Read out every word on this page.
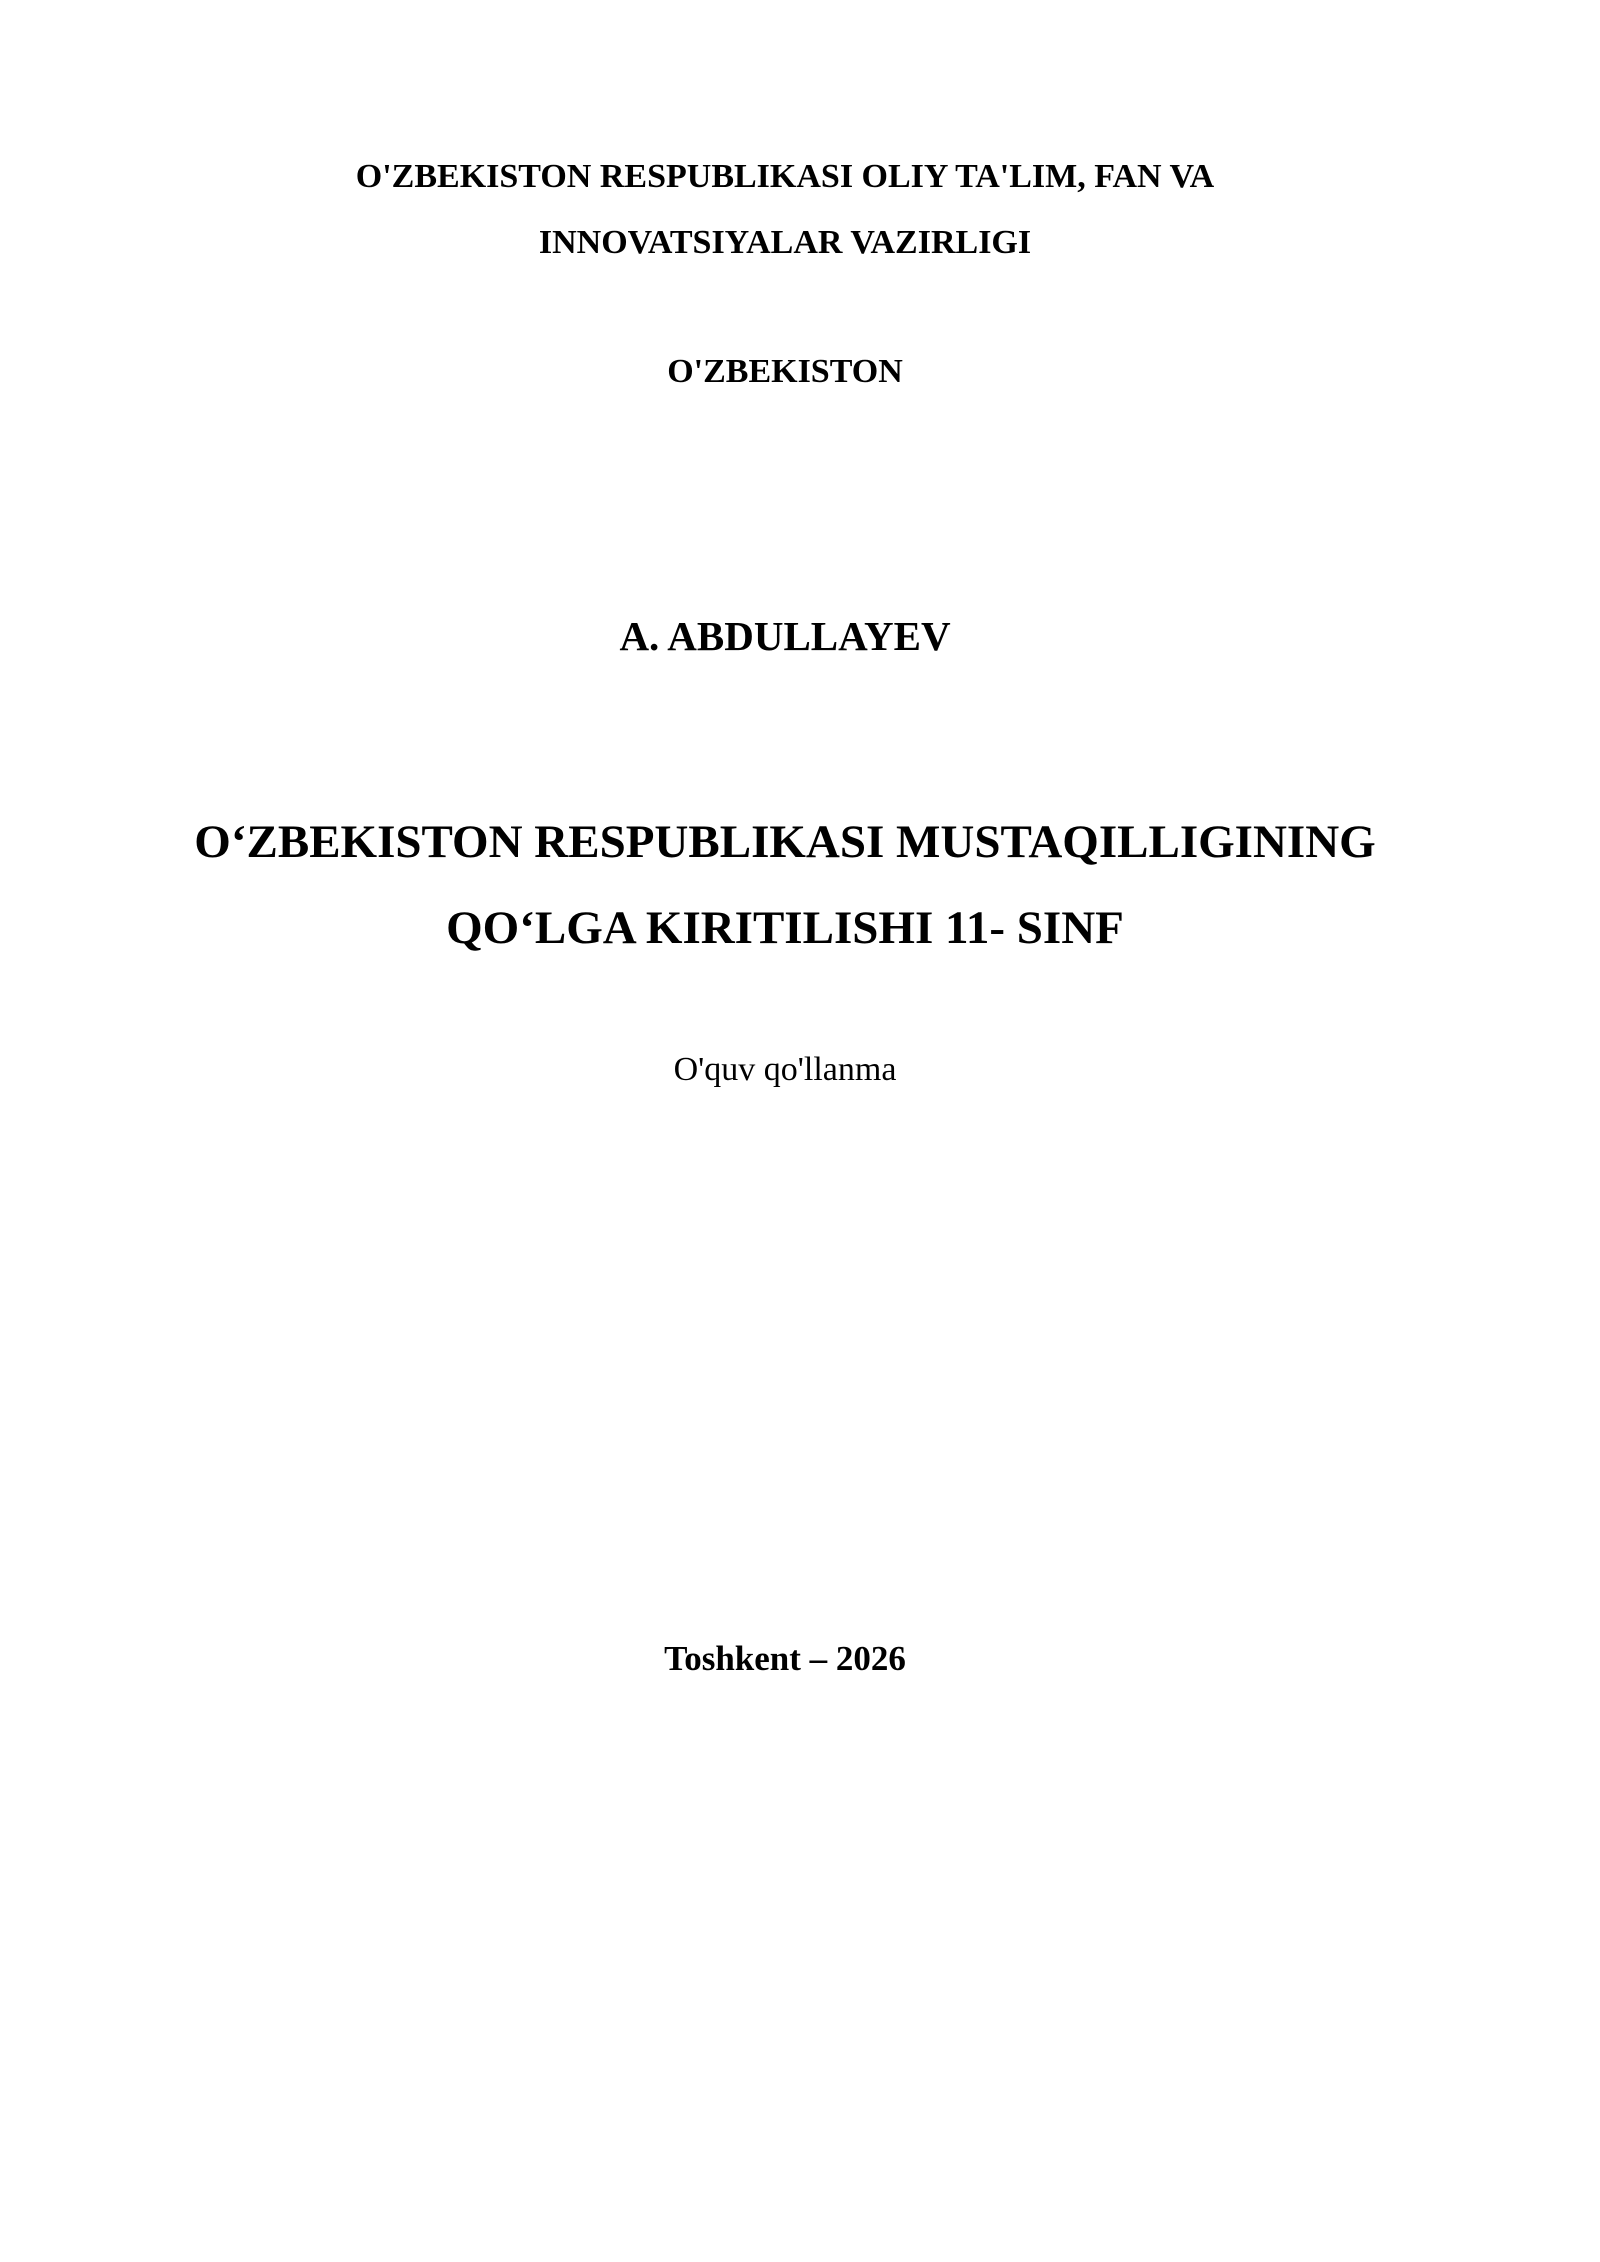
O'ZBEKISTON RESPUBLIKASI OLIY TA'LIM, FAN VA
INNOVATSIYALAR VAZIRLIGI
O'ZBEKISTON
A. ABDULLAYEV
O‘ZBEKISTON RESPUBLIKASI MUSTAQILLIGINING
QO‘LGA KIRITILISHI 11- SINF
O'quv qo'llanma
Toshkent – 2026
